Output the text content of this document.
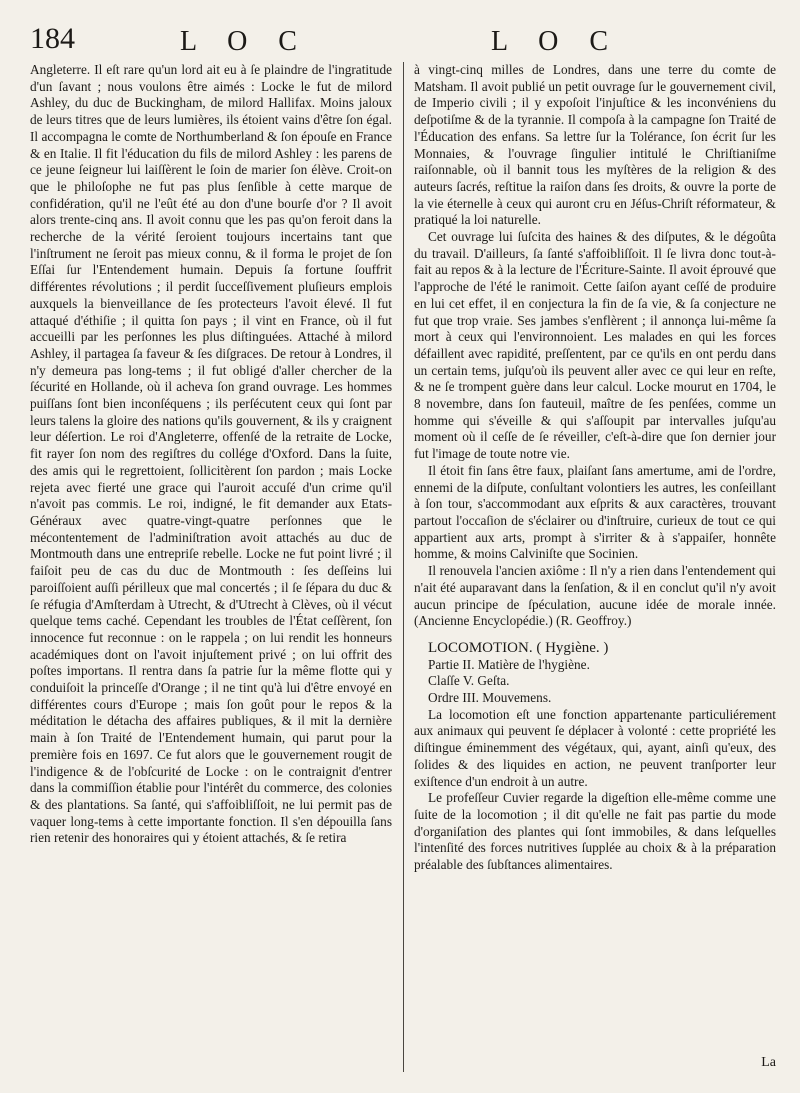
184	L O C	L O C

Angleterre. Il eſt rare qu'un lord ait eu à ſe plaindre de l'ingratitude d'un ſavant ; nous voulons être aimés : Locke le fut de milord Ashley, du duc de Buckingham, de milord Hallifax. Moins jaloux de leurs titres que de leurs lumières, ils étoient vains d'être ſon égal. Il accompagna le comte de Northumberland & ſon épouſe en France & en Italie. Il fit l'éducation du fils de milord Ashley : les parens de ce jeune ſeigneur lui laiſſèrent le ſoin de marier ſon élève. Croit-on que le philoſophe ne fut pas plus ſenſible à cette marque de confidération, qu'il ne l'eût été au don d'une bourſe d'or ? Il avoit alors trente-cinq ans. Il avoit connu que les pas qu'on feroit dans la recherche de la vérité ſeroient toujours incertains tant que l'inſtrument ne ſeroit pas mieux connu, & il forma le projet de ſon Eſſai ſur l'Entendement humain. Depuis ſa fortune ſouffrit différentes révolutions ; il perdit ſucceſſivement pluſieurs emplois auxquels la bienveillance de ſes protecteurs l'avoit élevé. Il fut attaqué d'éthiſie ; il quitta ſon pays ; il vint en France, où il fut accueilli par les perſonnes les plus diſtinguées. Attaché à milord Ashley, il partagea ſa faveur & ſes diſgraces. De retour à Londres, il n'y demeura pas long-tems ; il fut obligé d'aller chercher de la ſécurité en Hollande, où il acheva ſon grand ouvrage. Les hommes puiſſans ſont bien inconſéquens ; ils perſécutent ceux qui ſont par leurs talens la gloire des nations qu'ils gouvernent, & ils y craignent leur déſertion. Le roi d'Angleterre, offenſé de la retraite de Locke, fit rayer ſon nom des regiſtres du collége d'Oxford. Dans la ſuite, des amis qui le regrettoient, ſollicitèrent ſon pardon ; mais Locke rejeta avec fierté une grace qui l'auroit accuſé d'un crime qu'il n'avoit pas commis. Le roi, indigné, le fit demander aux Etats-Généraux avec quatre-vingt-quatre perſonnes que le mécontentement de l'adminiſtration avoit attachés au duc de Montmouth dans une entrepriſe rebelle. Locke ne fut point livré ; il faiſoit peu de cas du duc de Montmouth : ſes deſſeins lui paroiſſoient auſſi périlleux que mal concertés ; il ſe ſépara du duc & ſe réfugia d'Amſterdam à Utrecht, & d'Utrecht à Clèves, où il vécut quelque tems caché. Cependant les troubles de l'État ceſſèrent, ſon innocence fut reconnue : on le rappela ; on lui rendit les honneurs académiques dont on l'avoit injuſtement privé ; on lui offrit des poſtes importans. Il rentra dans ſa patrie ſur la même flotte qui y conduiſoit la princeſſe d'Orange ; il ne tint qu'à lui d'être envoyé en différentes cours d'Europe ; mais ſon goût pour le repos & la méditation le détacha des affaires publiques, & il mit la dernière main à ſon Traité de l'Entendement humain, qui parut pour la première fois en 1697. Ce fut alors que le gouvernement rougit de l'indigence & de l'obſcurité de Locke : on le contraignit d'entrer dans la commiſſion établie pour l'intérêt du commerce, des colonies & des plantations. Sa ſanté, qui s'affoibliſſoit, ne lui permit pas de vaquer long-tems à cette importante fonction. Il s'en dépouilla ſans rien retenir des honoraires qui y étoient attachés, & ſe retira

à vingt-cinq milles de Londres, dans une terre du comte de Matsham. Il avoit publié un petit ouvrage ſur le gouvernement civil, de Imperio civili ; il y expoſoit l'injuſtice & les inconvéniens du deſpotiſme & de la tyrannie. Il compoſa à la campagne ſon Traité de l'Éducation des enfans. Sa lettre ſur la Tolérance, ſon écrit ſur les Monnaies, & l'ouvrage ſingulier intitulé le Chriſtianiſme raiſonnable, où il bannit tous les myſtères de la religion & des auteurs ſacrés, reſtitue la raiſon dans ſes droits, & ouvre la porte de la vie éternelle à ceux qui auront cru en Jéſus-Chriſt réformateur, & pratiqué la loi naturelle.

Cet ouvrage lui ſuſcita des haines & des diſputes, & le dégoûta du travail. D'ailleurs, ſa ſanté s'affoibliſſoit. Il ſe livra donc tout-à-fait au repos & à la lecture de l'Écriture-Sainte. Il avoit éprouvé que l'approche de l'été le ranimoit. Cette ſaiſon ayant ceſſé de produire en lui cet effet, il en conjectura la fin de ſa vie, & ſa conjecture ne fut que trop vraie. Ses jambes s'enflèrent ; il annonça lui-même ſa mort à ceux qui l'environnoient. Les malades en qui les forces défaillent avec rapidité, preſſentent, par ce qu'ils en ont perdu dans un certain tems, juſqu'où ils peuvent aller avec ce qui leur en reſte, & ne ſe trompent guère dans leur calcul. Locke mourut en 1704, le 8 novembre, dans ſon fauteuil, maître de ſes penſées, comme un homme qui s'éveille & qui s'aſſoupit par intervalles juſqu'au moment où il ceſſe de ſe réveiller, c'eſt-à-dire que ſon dernier jour fut l'image de toute notre vie.

Il étoit fin ſans être faux, plaiſant ſans amertume, ami de l'ordre, ennemi de la diſpute, conſultant volontiers les autres, les conſeillant à ſon tour, s'accommodant aux eſprits & aux caractères, trouvant partout l'occaſion de s'éclairer ou d'inſtruire, curieux de tout ce qui appartient aux arts, prompt à s'irriter & à s'appaiſer, honnête homme, & moins Calviniſte que Socinien.

Il renouvela l'ancien axiôme : Il n'y a rien dans l'entendement qui n'ait été auparavant dans la ſenſation, & il en conclut qu'il n'y avoit aucun principe de ſpéculation, aucune idée de morale innée. (Ancienne Encyclopédie.) (R. Geoffroy.)

LOCOMOTION. ( Hygiène. )

Partie II. Matière de l'hygiène.

Claſſe V. Geſta.

Ordre III. Mouvemens.

La locomotion eſt une fonction appartenante particuliérement aux animaux qui peuvent ſe déplacer à volonté : cette propriété les diſtingue éminemment des végétaux, qui, ayant, ainſi qu'eux, des ſolides & des liquides en action, ne peuvent tranſporter leur exiſtence d'un endroit à un autre.

Le profeſſeur Cuvier regarde la digeſtion elle-même comme une ſuite de la locomotion ; il dit qu'elle ne fait pas partie du mode d'organiſation des plantes qui ſont immobiles, & dans leſquelles l'intenſité des forces nutritives ſupplée au choix & à la préparation préalable des ſubſtances alimentaires.

La
